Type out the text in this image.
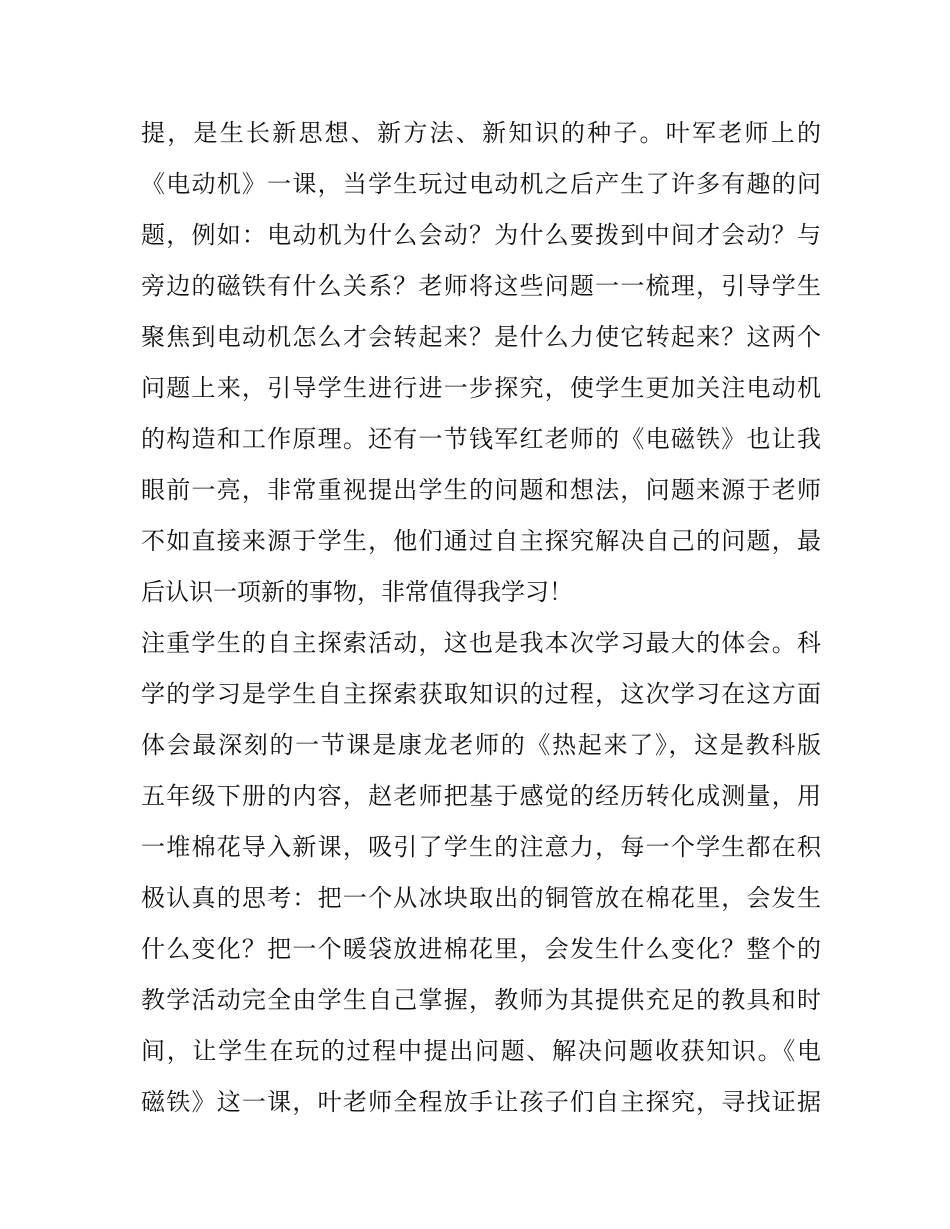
提，是生长新思想、新方法、新知识的种子。叶军老师上的
《电动机》一课，当学生玩过电动机之后产生了许多有趣的问
题，例如：电动机为什么会动？为什么要拨到中间才会动？与
旁边的磁铁有什么关系？老师将这些问题一一梳理，引导学生
聚焦到电动机怎么才会转起来？是什么力使它转起来？这两个
问题上来，引导学生进行进一步探究，使学生更加关注电动机
的构造和工作原理。还有一节钱军红老师的《电磁铁》也让我
眼前一亮，非常重视提出学生的问题和想法，问题来源于老师
不如直接来源于学生，他们通过自主探究解决自己的问题，最
后认识一项新的事物，非常值得我学习！
注重学生的自主探索活动，这也是我本次学习最大的体会。科
学的学习是学生自主探索获取知识的过程，这次学习在这方面
体会最深刻的一节课是康龙老师的《热起来了》，这是教科版
五年级下册的内容，赵老师把基于感觉的经历转化成测量，用
一堆棉花导入新课，吸引了学生的注意力，每一个学生都在积
极认真的思考：把一个从冰块取出的铜管放在棉花里，会发生
什么变化？把一个暖袋放进棉花里，会发生什么变化？整个的
教学活动完全由学生自己掌握，教师为其提供充足的教具和时
间，让学生在玩的过程中提出问题、解决问题收获知识。《电
磁铁》这一课，叶老师全程放手让孩子们自主探究，寻找证据
